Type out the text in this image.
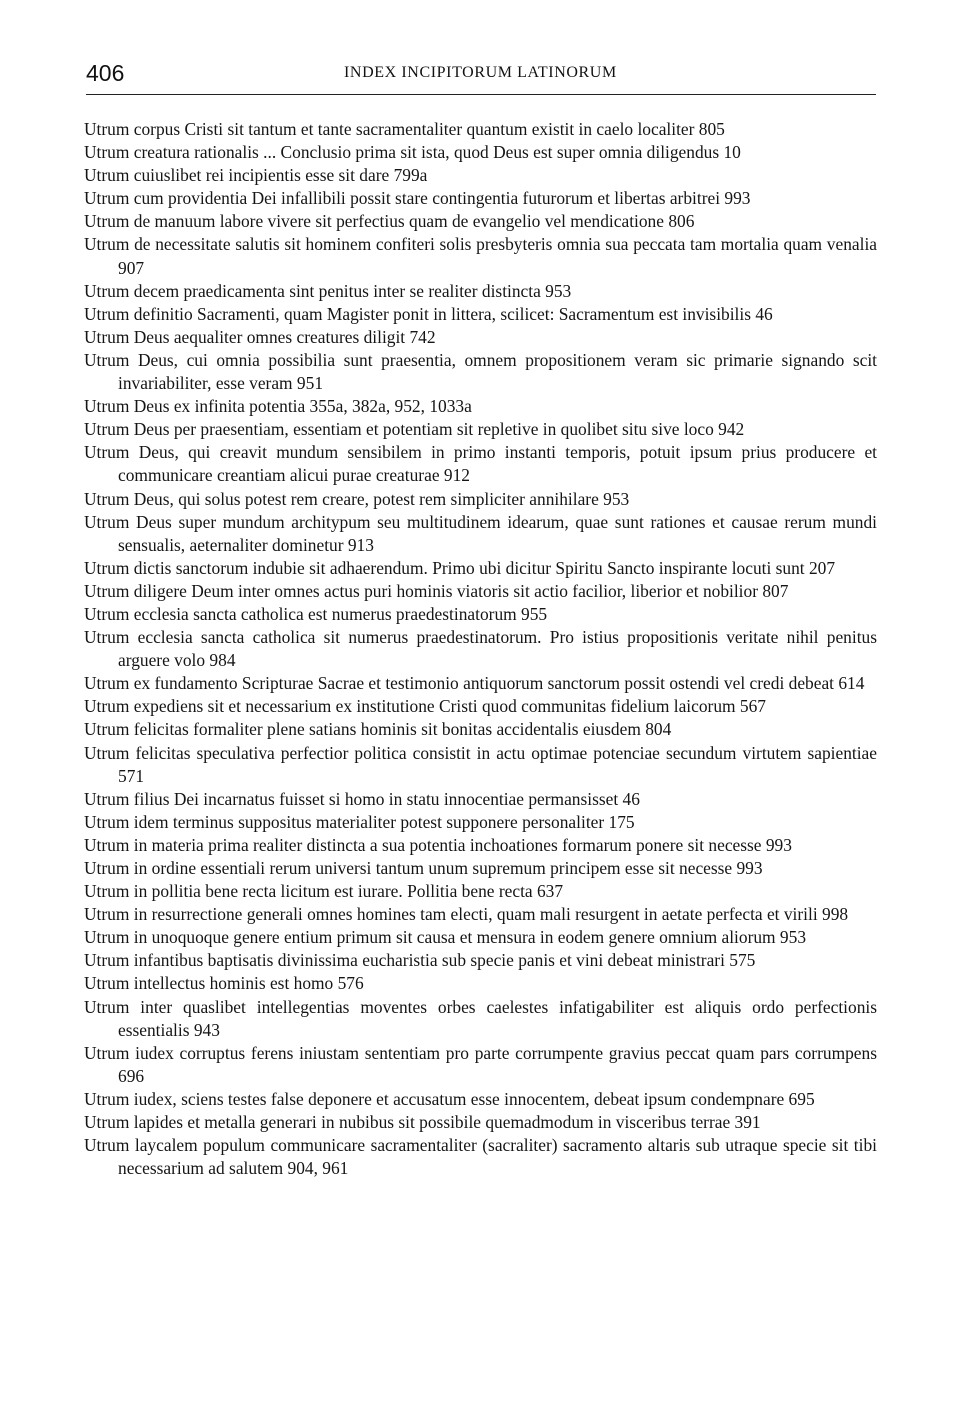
406	INDEX INCIPITORUM LATINORUM
Utrum corpus Cristi sit tantum et tante sacramentaliter quantum existit in caelo localiter 805
Utrum creatura rationalis ... Conclusio prima sit ista, quod Deus est super omnia diligendus 10
Utrum cuiuslibet rei incipientis esse sit dare 799a
Utrum cum providentia Dei infallibili possit stare contingentia futurorum et libertas arbitrei 993
Utrum de manuum labore vivere sit perfectius quam de evangelio vel mendicatione 806
Utrum de necessitate salutis sit hominem confiteri solis presbyteris omnia sua peccata tam mortalia quam venalia 907
Utrum decem praedicamenta sint penitus inter se realiter distincta 953
Utrum definitio Sacramenti, quam Magister ponit in littera, scilicet: Sacramentum est invisibilis 46
Utrum Deus aequaliter omnes creatures diligit 742
Utrum Deus, cui omnia possibilia sunt praesentia, omnem propositionem veram sic primarie signando scit invariabiliter, esse veram 951
Utrum Deus ex infinita potentia 355a, 382a, 952, 1033a
Utrum Deus per praesentiam, essentiam et potentiam sit repletive in quolibet situ sive loco 942
Utrum Deus, qui creavit mundum sensibilem in primo instanti temporis, potuit ipsum prius producere et communicare creantiam alicui purae creaturae 912
Utrum Deus, qui solus potest rem creare, potest rem simpliciter annihilare 953
Utrum Deus super mundum architypum seu multitudinem idearum, quae sunt rationes et causae rerum mundi sensualis, aeternaliter dominetur 913
Utrum dictis sanctorum indubie sit adhaerendum. Primo ubi dicitur Spiritu Sancto inspirante locuti sunt 207
Utrum diligere Deum inter omnes actus puri hominis viatoris sit actio facilior, liberior et nobilior 807
Utrum ecclesia sancta catholica est numerus praedestinatorum 955
Utrum ecclesia sancta catholica sit numerus praedestinatorum. Pro istius propositionis veritate nihil penitus arguere volo 984
Utrum ex fundamento Scripturae Sacrae et testimonio antiquorum sanctorum possit ostendi vel credi debeat 614
Utrum expediens sit et necessarium ex institutione Cristi quod communitas fidelium laicorum 567
Utrum felicitas formaliter plene satians hominis sit bonitas accidentalis eiusdem 804
Utrum felicitas speculativa perfectior politica consistit in actu optimae potenciae secundum virtutem sapientiae 571
Utrum filius Dei incarnatus fuisset si homo in statu innocentiae permansisset 46
Utrum idem terminus suppositus materialiter potest supponere personaliter 175
Utrum in materia prima realiter distincta a sua potentia inchoationes formarum ponere sit necesse 993
Utrum in ordine essentiali rerum universi tantum unum supremum principem esse sit necesse 993
Utrum in pollitia bene recta licitum est iurare. Pollitia bene recta 637
Utrum in resurrectione generali omnes homines tam electi, quam mali resurgent in aetate perfecta et virili 998
Utrum in unoquoque genere entium primum sit causa et mensura in eodem genere omnium aliorum 953
Utrum infantibus baptisatis divinissima eucharistia sub specie panis et vini debeat ministrari 575
Utrum intellectus hominis est homo 576
Utrum inter quaslibet intellegentias moventes orbes caelestes infatigabiliter est aliquis ordo perfectionis essentialis 943
Utrum iudex corruptus ferens iniustam sententiam pro parte corrumpente gravius peccat quam pars corrumpens 696
Utrum iudex, sciens testes false deponere et accusatum esse innocentem, debeat ipsum condempnare 695
Utrum lapides et metalla generari in nubibus sit possibile quemadmodum in visceribus terrae 391
Utrum laycalem populum communicare sacramentaliter (sacraliter) sacramento altaris sub utraque specie sit tibi necessarium ad salutem 904, 961
